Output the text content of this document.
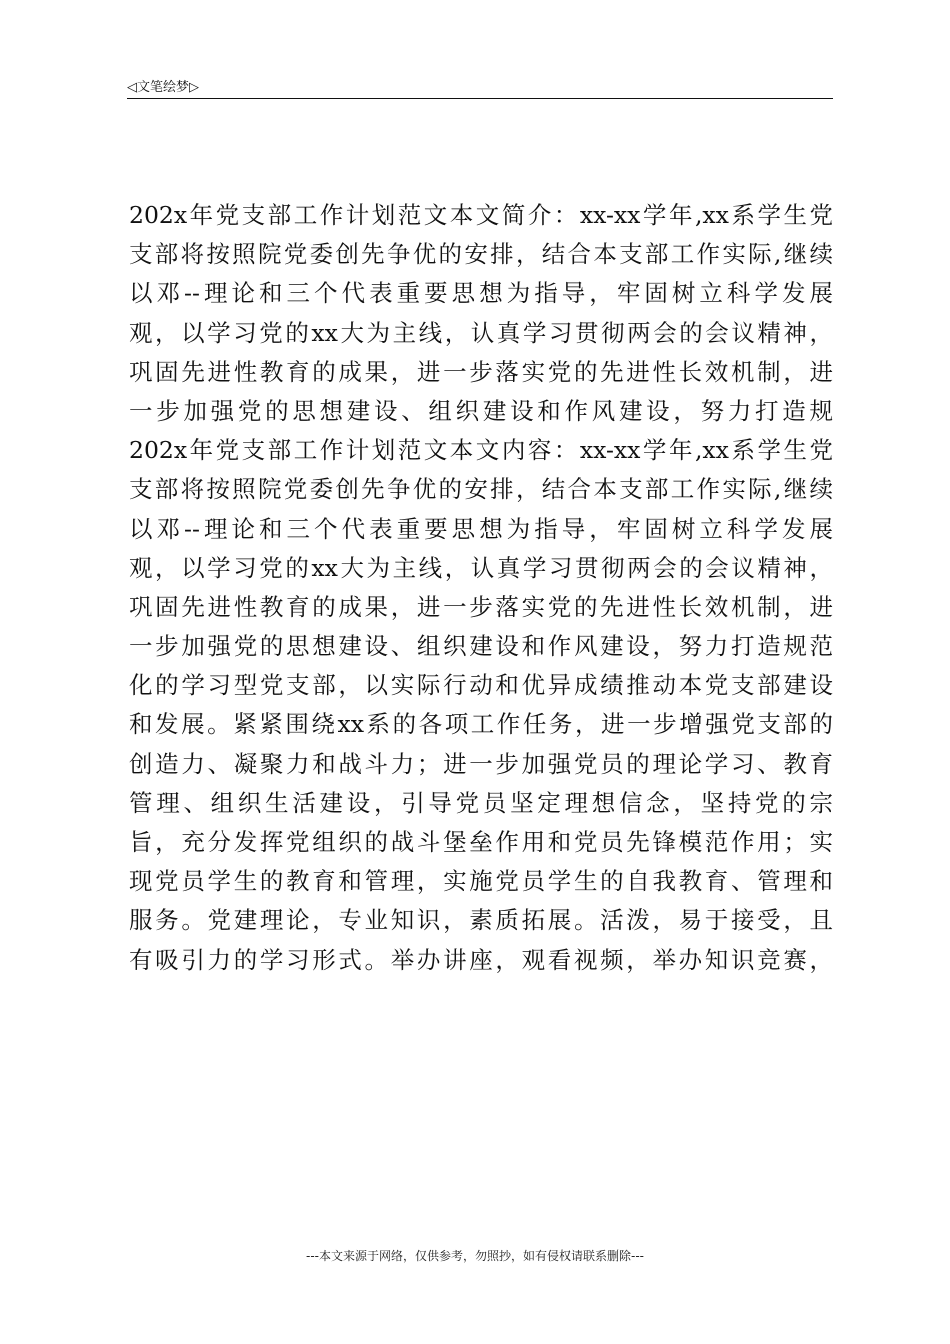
◁文笔绘梦▷
202x年党支部工作计划范文本文简介：xx-xx学年,xx系学生党
支部将按照院党委创先争优的安排，结合本支部工作实际,继续
以邓--理论和三个代表重要思想为指导，牢固树立科学发展
观，以学习党的xx大为主线，认真学习贯彻两会的会议精神，
巩固先进性教育的成果，进一步落实党的先进性长效机制，进
一步加强党的思想建设、组织建设和作风建设，努力打造规
202x年党支部工作计划范文本文内容：xx-xx学年,xx系学生党
支部将按照院党委创先争优的安排，结合本支部工作实际,继续
以邓--理论和三个代表重要思想为指导，牢固树立科学发展
观，以学习党的xx大为主线，认真学习贯彻两会的会议精神，
巩固先进性教育的成果，进一步落实党的先进性长效机制，进
一步加强党的思想建设、组织建设和作风建设，努力打造规范
化的学习型党支部，以实际行动和优异成绩推动本党支部建设
和发展。紧紧围绕xx系的各项工作任务，进一步增强党支部的
创造力、凝聚力和战斗力；进一步加强党员的理论学习、教育
管理、组织生活建设，引导党员坚定理想信念，坚持党的宗
旨，充分发挥党组织的战斗堡垒作用和党员先锋模范作用；实
现党员学生的教育和管理，实施党员学生的自我教育、管理和
服务。党建理论，专业知识，素质拓展。活泼，易于接受，且
有吸引力的学习形式。举办讲座，观看视频，举办知识竞赛，
---本文来源于网络，仅供参考，勿照抄，如有侵权请联系删除---
